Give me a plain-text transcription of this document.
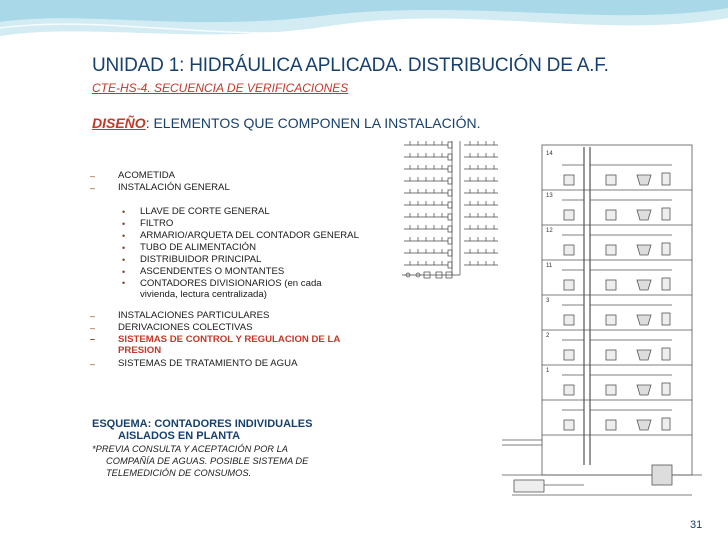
UNIDAD 1: HIDRÁULICA APLICADA. DISTRIBUCIÓN DE A.F.
CTE-HS-4. SECUENCIA DE VERIFICACIONES
DISEÑO: ELEMENTOS QUE COMPONEN LA INSTALACIÓN.
– ACOMETIDA
– INSTALACIÓN GENERAL
• LLAVE DE CORTE GENERAL
• FILTRO
• ARMARIO/ARQUETA DEL CONTADOR GENERAL
• TUBO DE ALIMENTACIÓN
• DISTRIBUIDOR PRINCIPAL
• ASCENDENTES O MONTANTES
• CONTADORES DIVISIONARIOS (en cada
vivienda, lectura centralizada)
– INSTALACIONES PARTICULARES
– DERIVACIONES COLECTIVAS
– SISTEMAS DE CONTROL Y REGULACION DE LA
PRESION
– SISTEMAS DE TRATAMIENTO DE AGUA
ESQUEMA: CONTADORES INDIVIDUALES
AISLADOS EN PLANTA
*PREVIA CONSULTA Y ACEPTACIÓN POR LA
COMPAÑÍA DE AGUAS. POSIBLE SISTEMA DE
TELEMEDICIÓN DE CONSUMOS.
14
13
12
11
3
2
1
31
